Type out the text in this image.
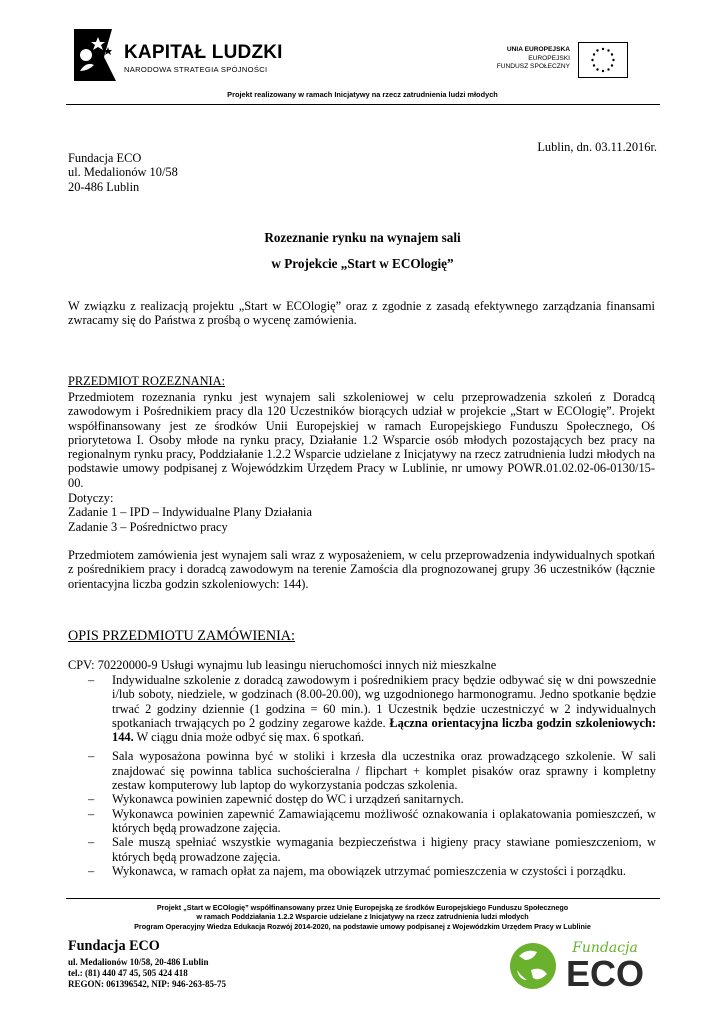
KAPITAŁ LUDZKI
NARODOWA STRATEGIA SPÓJNOŚCI
UNIA EUROPEJSKA
EUROPEJSKI
FUNDUSZ SPOŁECZNY
Projekt realizowany w ramach Inicjatywy na rzecz zatrudnienia ludzi młodych
Lublin, dn. 03.11.2016r.
Fundacja ECO
ul. Medalionów 10/58
20-486 Lublin
Rozeznanie rynku na wynajem sali
w Projekcie „Start w ECOlogię”
W związku z realizacją projektu „Start w ECOlogię” oraz z zgodnie z zasadą efektywnego zarządzania finansami zwracamy się do Państwa z prośbą o wycenę zamówienia.
PRZEDMIOT ROZEZNANIA:
Przedmiotem rozeznania rynku jest wynajem sali szkoleniowej w celu przeprowadzenia szkoleń z Doradcą zawodowym i Pośrednikiem pracy dla 120 Uczestników biorących udział w projekcie „Start w ECOlogię”. Projekt współfinansowany jest ze środków Unii Europejskiej w ramach Europejskiego Funduszu Społecznego, Oś priorytetowa I. Osoby młode na rynku pracy, Działanie 1.2 Wsparcie osób młodych pozostających bez pracy na regionalnym rynku pracy, Poddziałanie 1.2.2 Wsparcie udzielane z Inicjatywy na rzecz zatrudnienia ludzi młodych na podstawie umowy podpisanej z Wojewódzkim Urzędem Pracy w Lublinie, nr umowy POWR.01.02.02-06-0130/15-00.
Dotyczy:
Zadanie 1 – IPD – Indywidualne Plany Działania
Zadanie 3 – Pośrednictwo pracy
Przedmiotem zamówienia jest wynajem sali wraz z wyposażeniem, w celu przeprowadzenia indywidualnych spotkań z pośrednikiem pracy i doradcą zawodowym na terenie Zamościa dla prognozowanej grupy 36 uczestników (łącznie orientacyjna liczba godzin szkoleniowych: 144).
OPIS PRZEDMIOTU ZAMÓWIENIA:
CPV: 70220000-9 Usługi wynajmu lub leasingu nieruchomości innych niż mieszkalne
– Indywidualne szkolenie z doradcą zawodowym i pośrednikiem pracy będzie odbywać się w dni powszednie i/lub soboty, niedziele, w godzinach (8.00-20.00), wg uzgodnionego harmonogramu. Jedno spotkanie będzie trwać 2 godziny dziennie (1 godzina = 60 min.). 1 Uczestnik będzie uczestniczyć w 2 indywidualnych spotkaniach trwających po 2 godziny zegarowe każde. Łączna orientacyjna liczba godzin szkoleniowych: 144. W ciągu dnia może odbyć się max. 6 spotkań.
– Sala wyposażona powinna być w stoliki i krzesła dla uczestnika oraz prowadzącego szkolenie. W sali znajdować się powinna tablica suchościeralna / flipchart + komplet pisaków oraz sprawny i kompletny zestaw komputerowy lub laptop do wykorzystania podczas szkolenia.
– Wykonawca powinien zapewnić dostęp do WC i urządzeń sanitarnych.
– Wykonawca powinien zapewnić Zamawiającemu możliwość oznakowania i oplakatowania pomieszczeń, w których będą prowadzone zajęcia.
– Sale muszą spełniać wszystkie wymagania bezpieczeństwa i higieny pracy stawiane pomieszczeniom, w których będą prowadzone zajęcia.
– Wykonawca, w ramach opłat za najem, ma obowiązek utrzymać pomieszczenia w czystości i porządku.
Projekt „Start w ECOlogię” współfinansowany przez Unię Europejską ze środków Europejskiego Funduszu Społecznego
w ramach Poddziałania 1.2.2 Wsparcie udzielane z Inicjatywy na rzecz zatrudnienia ludzi młodych
Program Operacyjny Wiedza Edukacja Rozwój 2014-2020, na podstawie umowy podpisanej z Wojewódzkim Urzędem Pracy w Lublinie
Fundacja ECO
ul. Medalionów 10/58, 20-486 Lublin
tel.: (81) 440 47 45, 505 424 418
REGON: 061396542, NIP: 946-263-85-75
Fundacja
ECO
